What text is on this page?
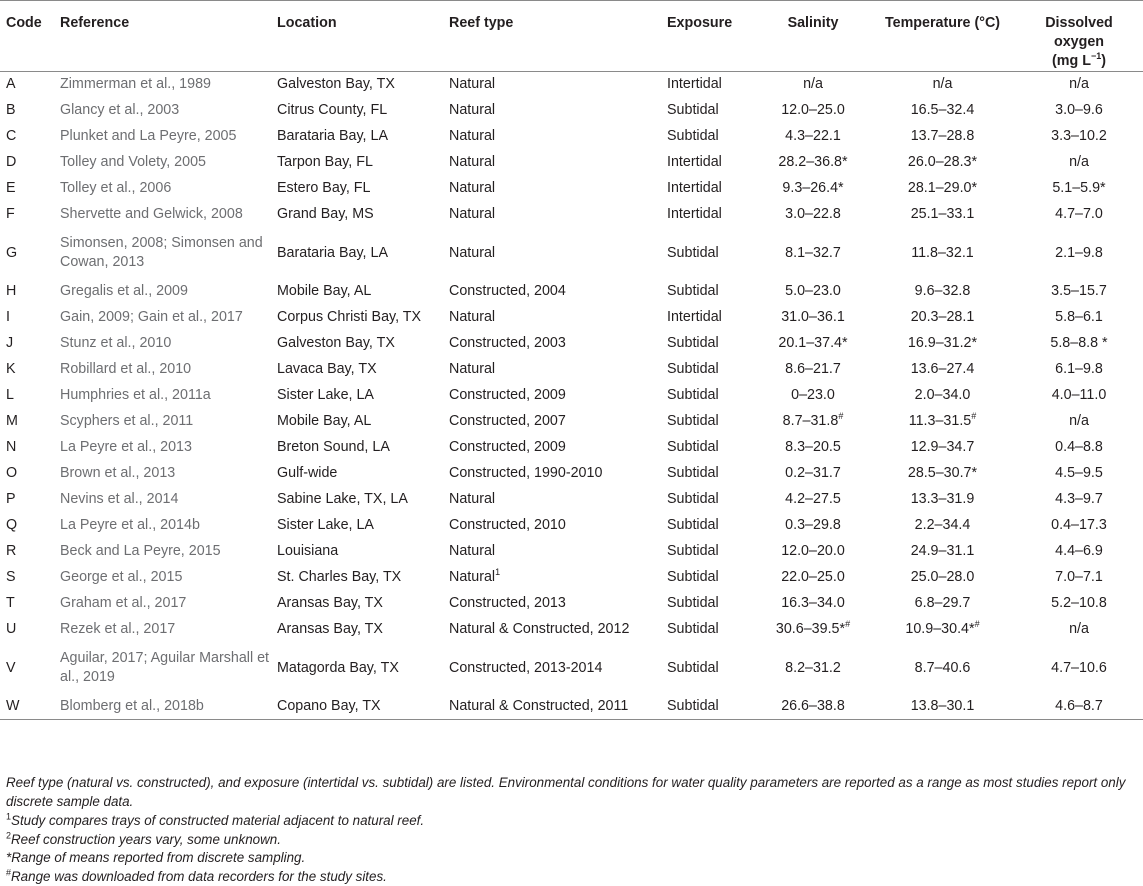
Code	Reference	Location	Reef type	Exposure	Salinity	Temperature (°C)	Dissolved oxygen
(mg $L^{-1}$)
A	Zimmerman et al., 1989	Galveston Bay, TX	Natural	Intertidal	n/a	n/a	n/a
B	Glancy et al., 2003	Citrus County, FL	Natural	Subtidal	12.0–25.0	16.5–32.4	3.0–9.6
C	Plunket and La Peyre, 2005	Barataria Bay, LA	Natural	Subtidal	4.3–22.1	13.7–28.8	3.3–10.2
D	Tolley and Volety, 2005	Tarpon Bay, FL	Natural	Intertidal	28.2–36.8*	26.0–28.3*	n/a
E	Tolley et al., 2006	Estero Bay, FL	Natural	Intertidal	9.3–26.4*	28.1–29.0*	5.1–5.9*
F	Shervette and Gelwick, 2008	Grand Bay, MS	Natural	Intertidal	3.0–22.8	25.1–33.1	4.7–7.0
G	Simonsen, 2008; Simonsen and Cowan, 2013	Barataria Bay, LA	Natural	Subtidal	8.1–32.7	11.8–32.1	2.1–9.8
H	Gregalis et al., 2009	Mobile Bay, AL	Constructed, 2004	Subtidal	5.0–23.0	9.6–32.8	3.5–15.7
I	Gain, 2009; Gain et al., 2017	Corpus Christi Bay, TX	Natural	Intertidal	31.0–36.1	20.3–28.1	5.8–6.1
J	Stunz et al., 2010	Galveston Bay, TX	Constructed, 2003	Subtidal	20.1–37.4*	16.9–31.2*	5.8–8.8 *
K	Robillard et al., 2010	Lavaca Bay, TX	Natural	Subtidal	8.6–21.7	13.6–27.4	6.1–9.8
L	Humphries et al., 2011a	Sister Lake, LA	Constructed, 2009	Subtidal	0–23.0	2.0–34.0	4.0–11.0
M	Scyphers et al., 2011	Mobile Bay, AL	Constructed, 2007	Subtidal	8.7–31.8#	11.3–31.5#	n/a
N	La Peyre et al., 2013	Breton Sound, LA	Constructed, 2009	Subtidal	8.3–20.5	12.9–34.7	0.4–8.8
O	Brown et al., 2013	Gulf-wide	Constructed, 1990-2010	Subtidal	0.2–31.7	28.5–30.7*	4.5–9.5
P	Nevins et al., 2014	Sabine Lake, TX, LA	Natural	Subtidal	4.2–27.5	13.3–31.9	4.3–9.7
Q	La Peyre et al., 2014b	Sister Lake, LA	Constructed, 2010	Subtidal	0.3–29.8	2.2–34.4	0.4–17.3
R	Beck and La Peyre, 2015	Louisiana	Natural	Subtidal	12.0–20.0	24.9–31.1	4.4–6.9
S	George et al., 2015	St. Charles Bay, TX	Natural$^1$	Subtidal	22.0–25.0	25.0–28.0	7.0–7.1
T	Graham et al., 2017	Aransas Bay, TX	Constructed, 2013	Subtidal	16.3–34.0	6.8–29.7	5.2–10.8
U	Rezek et al., 2017	Aransas Bay, TX	Natural & Constructed, 2012	Subtidal	30.6–39.5*#	10.9–30.4*#	n/a
V	Aguilar, 2017; Aguilar Marshall et al., 2019	Matagorda Bay, TX	Constructed, 2013-2014	Subtidal	8.2–31.2	8.7–40.6	4.7–10.6
W	Blomberg et al., 2018b	Copano Bay, TX	Natural & Constructed, 2011	Subtidal	26.6–38.8	13.8–30.1	4.6–8.7

Reef type (natural vs. constructed), and exposure (intertidal vs. subtidal) are listed. Environmental conditions for water quality parameters are reported as a range as most studies report only discrete sample data.

$^1$Study compares trays of constructed material adjacent to natural reef.

$^2$Reef construction years vary, some unknown.

*Range of means reported from discrete sampling.

#Range was downloaded from data recorders for the study sites.
